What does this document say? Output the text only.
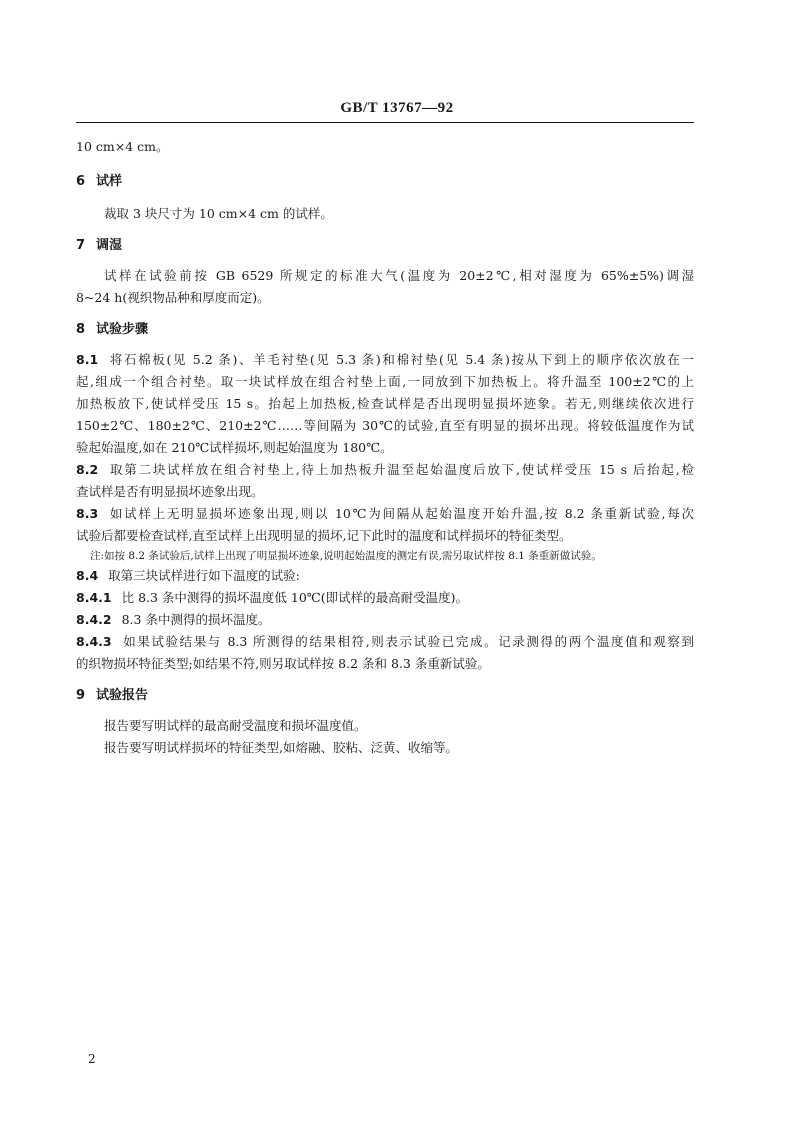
GB/T 13767—92
10 cm×4 cm。
6 试样
裁取 3 块尺寸为 10 cm×4 cm 的试样。
7 调湿
试样在试验前按 GB 6529 所规定的标准大气(温度为 20±2℃,相对湿度为 65%±5%)调湿
8~24 h(视织物品种和厚度而定)。
8 试验步骤
8.1 将石棉板(见 5.2 条)、羊毛衬垫(见 5.3 条)和棉衬垫(见 5.4 条)按从下到上的顺序依次放在一
起,组成一个组合衬垫。取一块试样放在组合衬垫上面,一同放到下加热板上。将升温至 100±2℃的上
加热板放下,使试样受压 15 s。抬起上加热板,检查试样是否出现明显损坏迹象。若无,则继续依次进行
150±2℃、180±2℃、210±2℃……等间隔为 30℃的试验,直至有明显的损坏出现。将较低温度作为试
验起始温度,如在 210℃试样损坏,则起始温度为 180℃。
8.2 取第二块试样放在组合衬垫上,待上加热板升温至起始温度后放下,使试样受压 15 s 后抬起,检
查试样是否有明显损坏迹象出现。
8.3 如试样上无明显损坏迹象出现,则以 10℃为间隔从起始温度开始升温,按 8.2 条重新试验,每次
试验后都要检查试样,直至试样上出现明显的损坏,记下此时的温度和试样损坏的特征类型。
注:如按 8.2 条试验后,试样上出现了明显损坏迹象,说明起始温度的测定有误,需另取试样按 8.1 条重新做试验。
8.4 取第三块试样进行如下温度的试验:
8.4.1 比 8.3 条中测得的损坏温度低 10℃(即试样的最高耐受温度)。
8.4.2 8.3 条中测得的损坏温度。
8.4.3 如果试验结果与 8.3 所测得的结果相符,则表示试验已完成。记录测得的两个温度值和观察到
的织物损坏特征类型;如结果不符,则另取试样按 8.2 条和 8.3 条重新试验。
9 试验报告
报告要写明试样的最高耐受温度和损坏温度值。
报告要写明试样损坏的特征类型,如熔融、胶粘、泛黄、收缩等。
2
